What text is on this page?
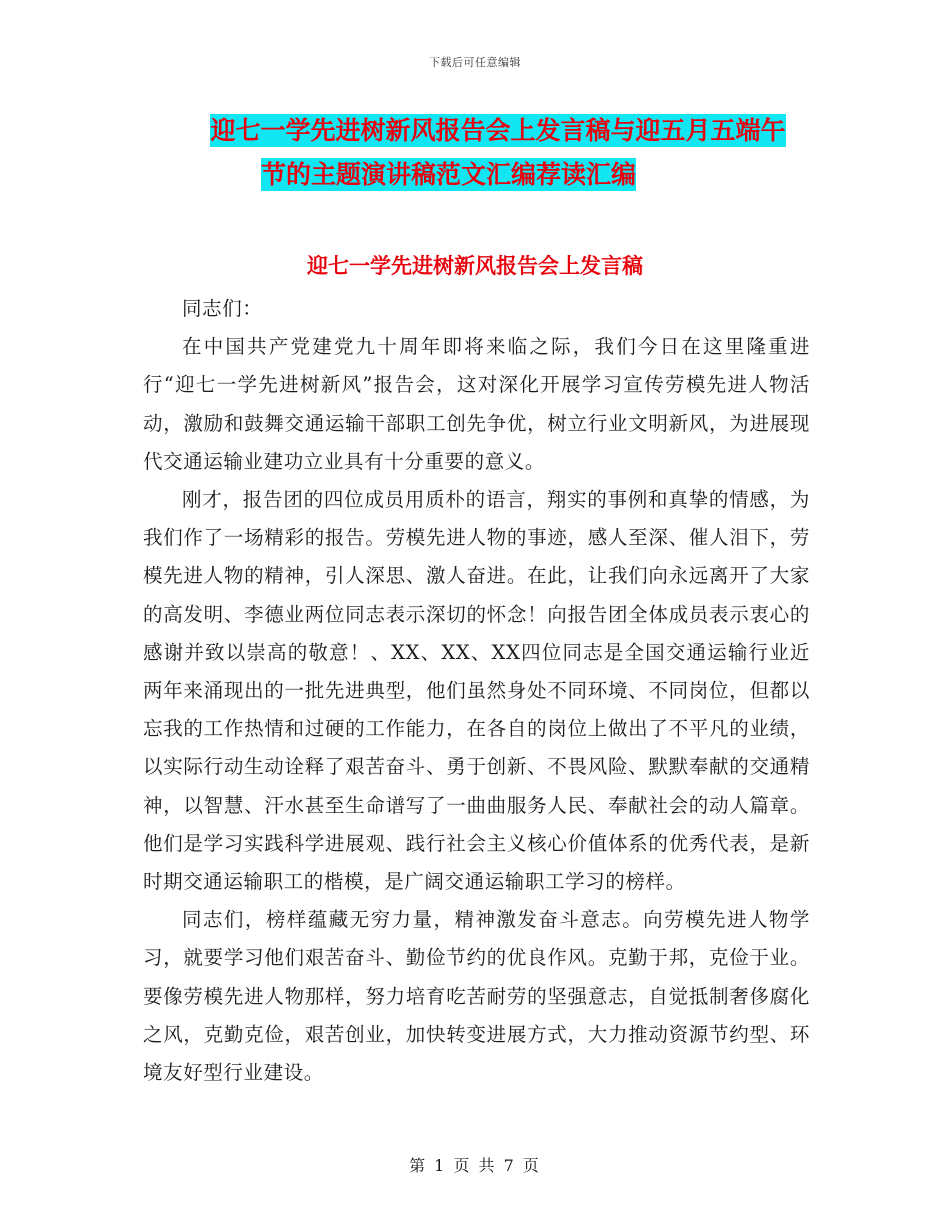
下载后可任意编辑
迎七一学先进树新风报告会上发言稿与迎五月五端午
节的主题演讲稿范文汇编荐读汇编
迎七一学先进树新风报告会上发言稿

同志们：

在中国共产党建党九十周年即将来临之际，我们今日在这里隆重进行“迎七一学先进树新风”报告会，这对深化开展学习宣传劳模先进人物活动，激励和鼓舞交通运输干部职工创先争优，树立行业文明新风，为进展现代交通运输业建功立业具有十分重要的意义。

刚才，报告团的四位成员用质朴的语言，翔实的事例和真挚的情感，为我们作了一场精彩的报告。劳模先进人物的事迹，感人至深、催人泪下，劳模先进人物的精神，引人深思、激人奋进。在此，让我们向永远离开了大家的高发明、李德业两位同志表示深切的怀念！向报告团全体成员表示衷心的感谢并致以崇高的敬意！、XX、XX、XX四位同志是全国交通运输行业近两年来涌现出的一批先进典型，他们虽然身处不同环境、不同岗位，但都以忘我的工作热情和过硬的工作能力，在各自的岗位上做出了不平凡的业绩，以实际行动生动诠释了艰苦奋斗、勇于创新、不畏风险、默默奉献的交通精神，以智慧、汗水甚至生命谱写了一曲曲服务人民、奉献社会的动人篇章。他们是学习实践科学进展观、践行社会主义核心价值体系的优秀代表，是新时期交通运输职工的楷模，是广阔交通运输职工学习的榜样。

同志们，榜样蕴藏无穷力量，精神激发奋斗意志。向劳模先进人物学习，就要学习他们艰苦奋斗、勤俭节约的优良作风。克勤于邦，克俭于业。要像劳模先进人物那样，努力培育吃苦耐劳的坚强意志，自觉抵制奢侈腐化之风，克勤克俭，艰苦创业，加快转变进展方式，大力推动资源节约型、环境友好型行业建设。

第 1 页 共 7 页
